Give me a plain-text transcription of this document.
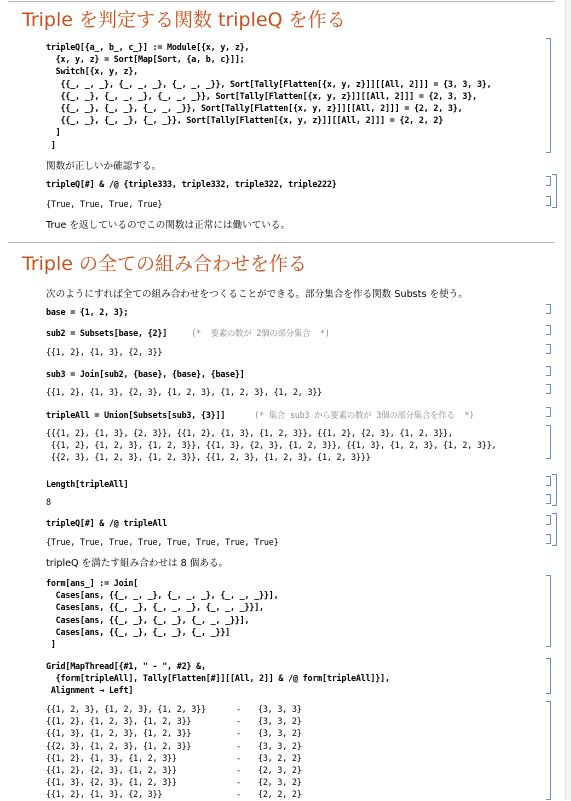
Triple を判定する関数 tripleQ を作る
tripleQ[{a_, b_, c_}] := Module[{x, y, z},
{x, y, z} = Sort[Map[Sort, {a, b, c}]];
Switch[{x, y, z},
{{_, _, _}, {_, _, _}, {_, _, _}}, Sort[Tally[Flatten[{x, y, z}]][[All, 2]]] = {3, 3, 3},
{{_, _}, {_, _, _}, {_, _, _}}, Sort[Tally[Flatten[{x, y, z}]][[All, 2]]] = {2, 3, 3},
{{_, _}, {_, _}, {_, _, _}}, Sort[Tally[Flatten[{x, y, z}]][[All, 2]]] = {2, 2, 3},
{{_, _}, {_, _}, {_, _}}, Sort[Tally[Flatten[{x, y, z}]][[All, 2]]] = {2, 2, 2}
]
]
関数が正しいか確認する。
tripleQ[#] & /@ {triple333, triple332, triple322, triple222}
{True, True, True, True}
True を返しているのでこの関数は正常には働いている。
Triple の全ての組み合わせを作る
次のようにすれば全ての組み合わせをつくることができる。部分集合を作る関数 Substs を使う。
base = {1, 2, 3};
sub2 = Subsets[base, {2}]	(*  要素の数が 2個の部分集合  *)
{{1, 2}, {1, 3}, {2, 3}}
sub3 = Join[sub2, {base}, {base}, {base}]
{{1, 2}, {1, 3}, {2, 3}, {1, 2, 3}, {1, 2, 3}, {1, 2, 3}}
tripleAll = Union[Subsets[sub3, {3}]]	(* 集合 sub3 から要素の数が 3個の部分集合を作る  *)
{{{1, 2}, {1, 3}, {2, 3}}, {{1, 2}, {1, 3}, {1, 2, 3}}, {{1, 2}, {2, 3}, {1, 2, 3}},
{{1, 2}, {1, 2, 3}, {1, 2, 3}}, {{1, 3}, {2, 3}, {1, 2, 3}}, {{1, 3}, {1, 2, 3}, {1, 2, 3}},
{{2, 3}, {1, 2, 3}, {1, 2, 3}}, {{1, 2, 3}, {1, 2, 3}, {1, 2, 3}}}
Length[tripleAll]
8
tripleQ[#] & /@ tripleAll
{True, True, True, True, True, True, True, True}
tripleQ を満たす組み合わせは 8 個ある。
form[ans_] := Join[
Cases[ans, {{_, _, _}, {_, _, _}, {_, _, _}}],
Cases[ans, {{_, _}, {_, _, _}, {_, _, _}}],
Cases[ans, {{_, _}, {_, _}, {_, _, _}}],
Cases[ans, {{_, _}, {_, _}, {_, _}}]
]
Grid[MapThread[{#1, " - ", #2} &,
{form[tripleAll], Tally[Flatten[#]][[All, 2]] & /@ form[tripleAll]}],
Alignment → Left]
{{1, 2, 3}, {1, 2, 3}, {1, 2, 3}}	- {3, 3, 3}
{{1, 2}, {1, 2, 3}, {1, 2, 3}}	- {3, 3, 2}
{{1, 3}, {1, 2, 3}, {1, 2, 3}}	- {3, 3, 2}
{{2, 3}, {1, 2, 3}, {1, 2, 3}}	- {3, 3, 2}
{{1, 2}, {1, 3}, {1, 2, 3}}	- {3, 2, 2}
{{1, 2}, {2, 3}, {1, 2, 3}}	- {2, 3, 2}
{{1, 3}, {2, 3}, {1, 2, 3}}	- {2, 3, 2}
{{1, 2}, {1, 3}, {2, 3}}	- {2, 2, 2}
